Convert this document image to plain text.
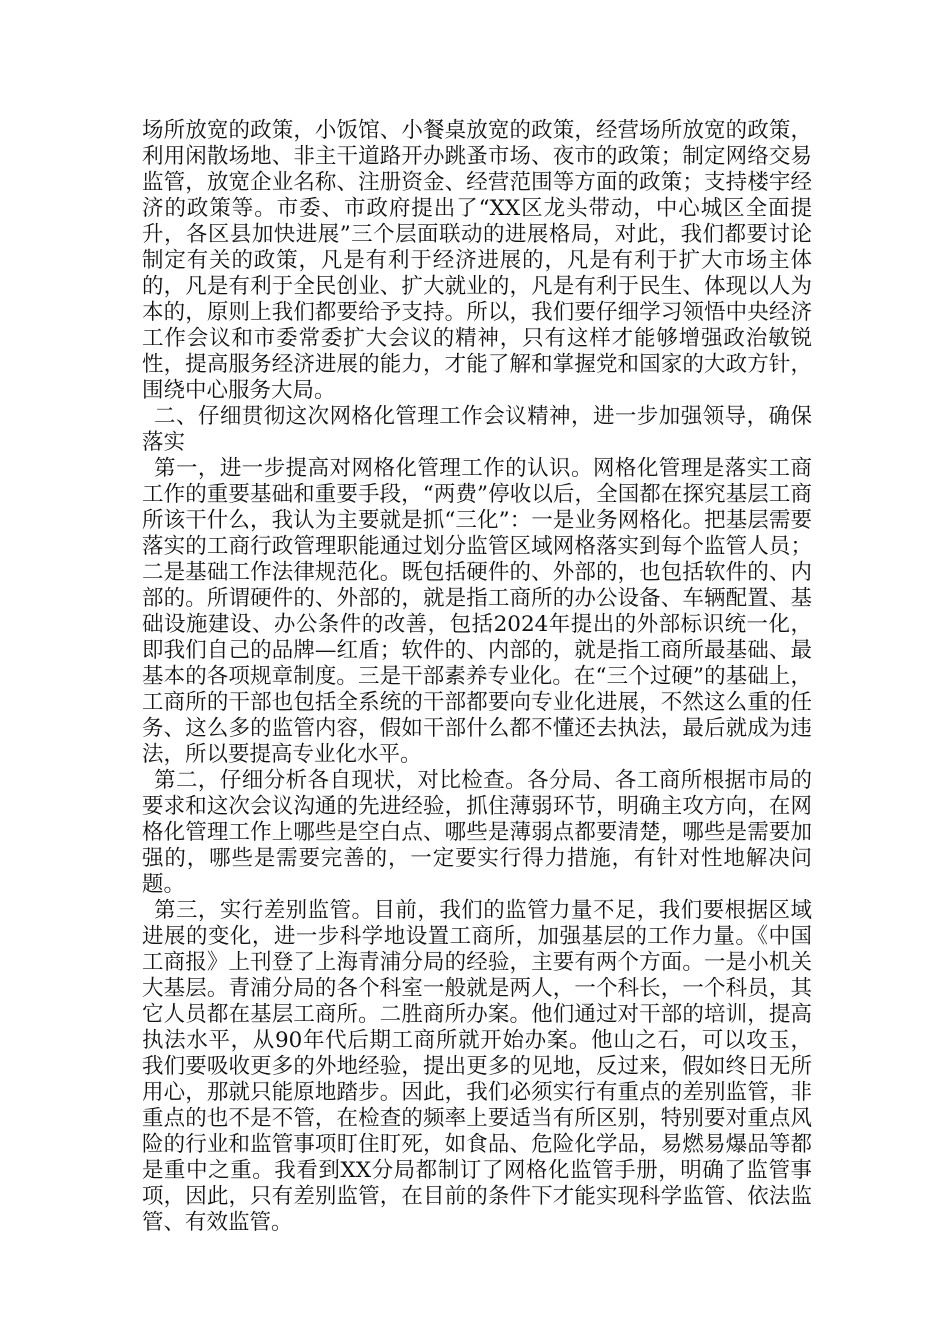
场所放宽的政策，小饭馆、小餐桌放宽的政策，经营场所放宽的政策，利用闲散场地、非主干道路开办跳蚤市场、夜市的政策；制定网络交易监管，放宽企业名称、注册资金、经营范围等方面的政策；支持楼宇经济的政策等。市委、市政府提出了“XX区龙头带动，中心城区全面提升，各区县加快进展”三个层面联动的进展格局，对此，我们都要讨论制定有关的政策，凡是有利于经济进展的，凡是有利于扩大市场主体的，凡是有利于全民创业、扩大就业的，凡是有利于民生、体现以人为本的，原则上我们都要给予支持。所以，我们要仔细学习领悟中央经济工作会议和市委常委扩大会议的精神，只有这样才能够增强政治敏锐性，提高服务经济进展的能力，才能了解和掌握党和国家的大政方针，围绕中心服务大局。

二、仔细贯彻这次网格化管理工作会议精神，进一步加强领导，确保落实

第一，进一步提高对网格化管理工作的认识。网格化管理是落实工商工作的重要基础和重要手段，“两费”停收以后，全国都在探究基层工商所该干什么，我认为主要就是抓“三化”：一是业务网格化。把基层需要落实的工商行政管理职能通过划分监管区域网格落实到每个监管人员；二是基础工作法律规范化。既包括硬件的、外部的，也包括软件的、内部的。所谓硬件的、外部的，就是指工商所的办公设备、车辆配置、基础设施建设、办公条件的改善，包括2024年提出的外部标识统一化，即我们自己的品牌—红盾；软件的、内部的，就是指工商所最基础、最基本的各项规章制度。三是干部素养专业化。在“三个过硬”的基础上，工商所的干部也包括全系统的干部都要向专业化进展，不然这么重的任务、这么多的监管内容，假如干部什么都不懂还去执法，最后就成为违法，所以要提高专业化水平。

第二，仔细分析各自现状，对比检查。各分局、各工商所根据市局的要求和这次会议沟通的先进经验，抓住薄弱环节，明确主攻方向，在网格化管理工作上哪些是空白点、哪些是薄弱点都要清楚，哪些是需要加强的，哪些是需要完善的，一定要实行得力措施，有针对性地解决问题。

第三，实行差别监管。目前，我们的监管力量不足，我们要根据区域进展的变化，进一步科学地设置工商所，加强基层的工作力量。《中国工商报》上刊登了上海青浦分局的经验，主要有两个方面。一是小机关大基层。青浦分局的各个科室一般就是两人，一个科长，一个科员，其它人员都在基层工商所。二胜商所办案。他们通过对干部的培训，提高执法水平，从90年代后期工商所就开始办案。他山之石，可以攻玉，我们要吸收更多的外地经验，提出更多的见地，反过来，假如终日无所用心，那就只能原地踏步。因此，我们必须实行有重点的差别监管，非重点的也不是不管，在检查的频率上要适当有所区别，特别要对重点风险的行业和监管事项盯住盯死，如食品、危险化学品，易燃易爆品等都是重中之重。我看到XX分局都制订了网格化监管手册，明确了监管事项，因此，只有差别监管，在目前的条件下才能实现科学监管、依法监管、有效监管。
